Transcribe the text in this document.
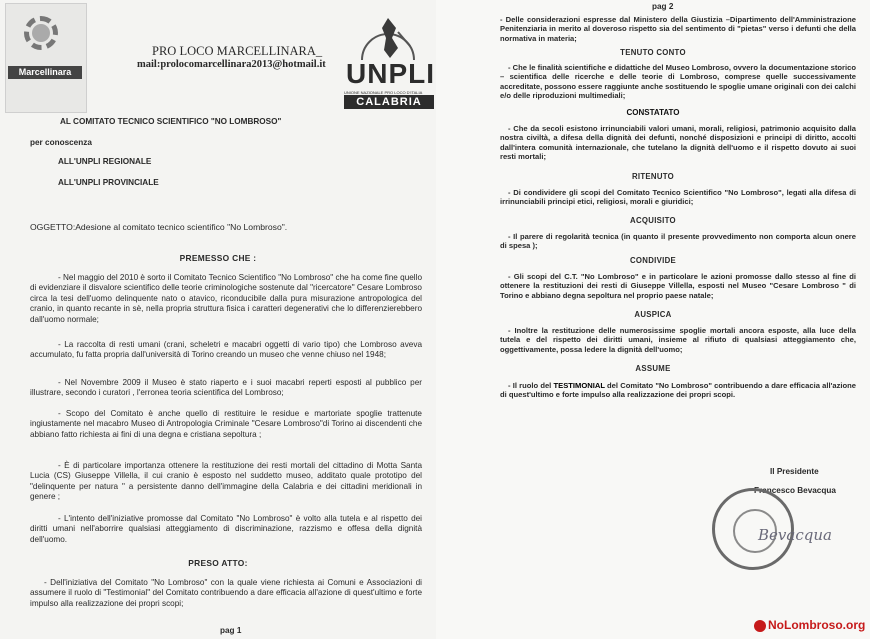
Marcellinara
PRO LOCO MARCELLINARA_
mail:prolocomarcellinara2013@hotmail.it UNPLI
UNIONE NAZIONALE PRO LOCO D'ITALIA
CALABRIA
AL COMITATO TECNICO SCIENTIFICO "NO LOMBROSO"
per conoscenza
ALL'UNPLI REGIONALE
ALL'UNPLI PROVINCIALE
OGGETTO:Adesione al comitato tecnico scientifico "No Lombroso".
PREMESSO CHE :
- Nel maggio del 2010 è sorto il Comitato Tecnico Scientifico "No Lombroso" che ha come fine quello di evidenziare il disvalore scientifico delle teorie criminologiche sostenute dal "ricercatore" Cesare Lombroso circa la tesi dell'uomo delinquente nato o atavico, riconducibile dalla pura misurazione antropologica del cranio, in quanto recante in sè, nella propria struttura fisica i caratteri degenerativi che lo differenzierebbero dall'uomo normale;
- La raccolta di resti umani (crani, scheletri e macabri oggetti di vario tipo) che Lombroso aveva accumulato, fu fatta propria dall'università di Torino creando un museo che venne chiuso nel 1948;
- Nel Novembre 2009 il Museo è stato riaperto e i suoi macabri reperti esposti al pubblico per illustrare, secondo i curatori , l'erronea teoria scientifica del Lombroso;
- Scopo del Comitato è anche quello di restituire le residue e martoriate spoglie trattenute ingiustamente nel macabro Museo di Antropologia Criminale "Cesare Lombroso"di Torino ai discendenti che abbiano fatto richiesta ai fini di una degna e cristiana sepoltura ;
- È di particolare importanza ottenere la restituzione dei resti mortali del cittadino di Motta Santa Lucia (CS) Giuseppe Villella, il cui cranio è esposto nel suddetto museo, additato quale prototipo del "delinquente per natura " a persistente danno dell'immagine della Calabria e dei cittadini meridionali in genere ;
- L'intento dell'iniziative promosse dal Comitato "No Lombroso" è volto alla tutela e al rispetto dei diritti umani nell'aborrire qualsiasi atteggiamento di discriminazione, razzismo e offesa della dignità dell'uomo.
PRESO ATTO:
- Dell'iniziativa del Comitato "No Lombroso" con la quale viene richiesta ai Comuni e Associazioni di assumere il ruolo di "Testimonial" del Comitato contribuendo a dare efficacia all'azione di quest'ultimo e forte impulso alla realizzazione dei propri scopi;
pag 1
pag 2
- Delle considerazioni espresse dal Ministero della Giustizia –Dipartimento dell'Amministrazione Penitenziaria in merito al doveroso rispetto sia del sentimento di "pietas" verso i defunti che della normativa in materia;
TENUTO CONTO
- Che le finalità scientifiche e didattiche del Museo Lombroso, ovvero la documentazione storico – scientifica delle ricerche e delle teorie di Lombroso, comprese quelle successivamente accreditate, possono essere raggiunte anche sostituendo le spoglie umane originali con dei calchi e/o delle riproduzioni multimediali;
CONSTATATO
- Che da secoli esistono irrinunciabili valori umani, morali, religiosi, patrimonio acquisito dalla nostra civiltà, a difesa della dignità dei defunti, nonché disposizioni e principi di diritto, accolti dall'intera comunità internazionale, che tutelano la dignità dell'uomo e il rispetto dovuto ai suoi resti mortali;
RITENUTO
- Di condividere gli scopi del Comitato Tecnico Scientifico "No Lombroso", legati alla difesa di irrinunciabili principi etici, religiosi, morali e giuridici;
ACQUISITO
- Il parere di regolarità tecnica (in quanto il presente provvedimento non comporta alcun onere di spesa );
CONDIVIDE
- Gli scopi del C.T. "No Lombroso" e in particolare le azioni promosse dallo stesso al fine di ottenere la restituzioni dei resti di Giuseppe Villella, esposti nel Museo "Cesare Lombroso " di Torino e abbiano degna sepoltura nel proprio paese natale;
AUSPICA
- Inoltre la restituzione delle numerosissime spoglie mortali ancora esposte, alla luce della tutela e del rispetto dei diritti umani, insieme al rifiuto di qualsiasi atteggiamento che, oggettivamente, possa ledere la dignità dell'uomo;
ASSUME
- Il ruolo del TESTIMONIAL del Comitato "No Lombroso" contribuendo a dare efficacia all'azione di quest'ultimo e forte impulso alla realizzazione dei propri scopi.
Il Presidente
Francesco Bevacqua
Bevacqua
NoLombroso.org
